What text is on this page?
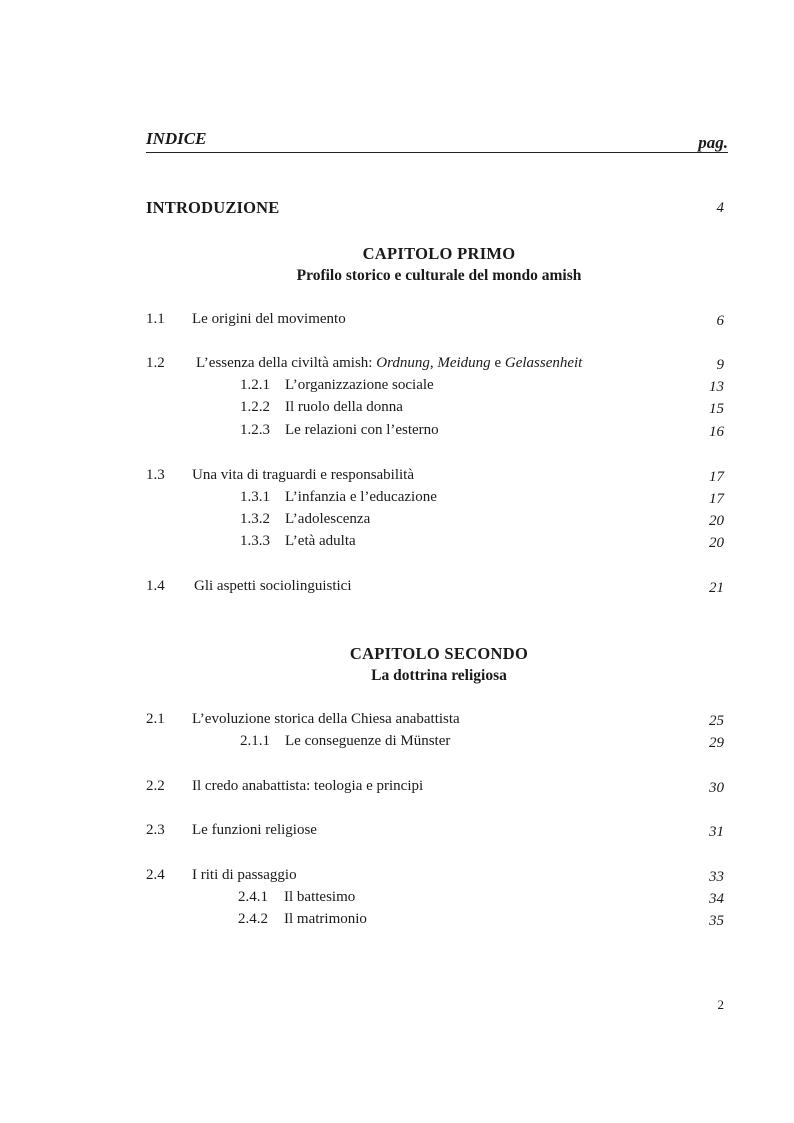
INDICE	pag.
INTRODUZIONE	4
CAPITOLO PRIMO
Profilo storico e culturale del mondo amish
1.1 Le origini del movimento	6
1.2 L’essenza della civiltà amish: Ordnung, Meidung e Gelassenheit	9
1.2.1 L’organizzazione sociale	13
1.2.2 Il ruolo della donna	15
1.2.3 Le relazioni con l’esterno	16
1.3 Una vita di traguardi e responsabilità	17
1.3.1 L’infanzia e l’educazione	17
1.3.2 L’adolescenza	20
1.3.3 L’età adulta	20
1.4 Gli aspetti sociolinguistici	21
CAPITOLO SECONDO
La dottrina religiosa
2.1 L’evoluzione storica della Chiesa anabattista	25
2.1.1 Le conseguenze di Münster	29
2.2 Il credo anabattista: teologia e principi	30
2.3 Le funzioni religiose	31
2.4 I riti di passaggio	33
2.4.1 Il battesimo	34
2.4.2 Il matrimonio	35
2
